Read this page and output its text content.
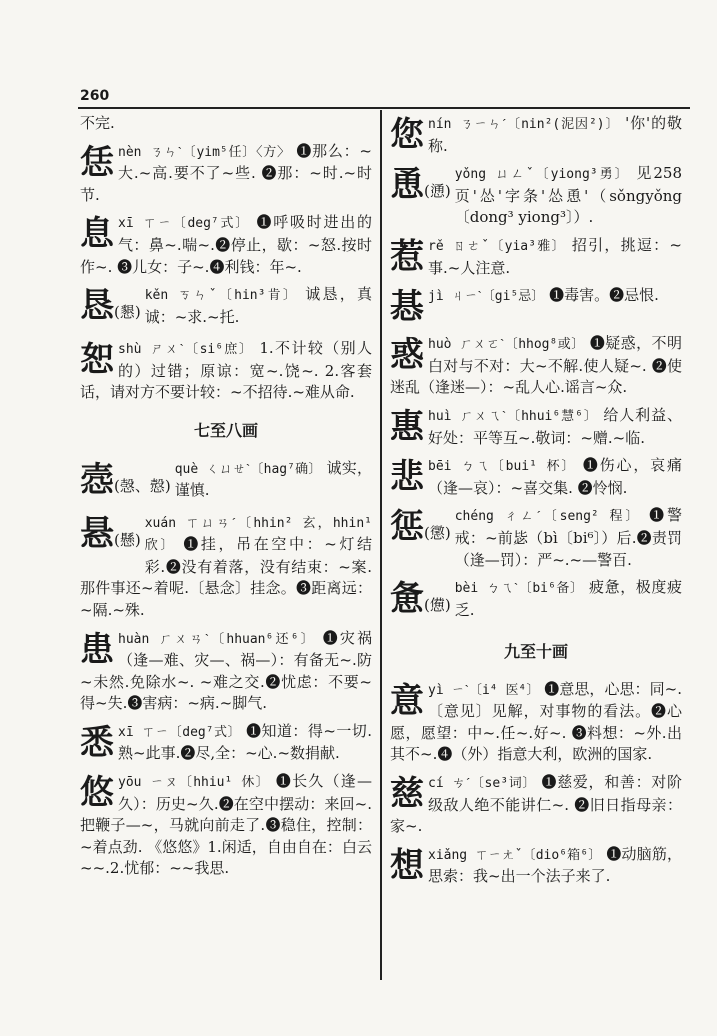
260

不完.

恁 nèn ㄋㄣˋ〔yim⁵任〕〈方〉 ❶那么：~大.~高.要不了~些. ❷那：~时.~时节.

息 xī ㄒㄧ〔deg⁷式〕 ❶呼吸时进出的气：鼻~.喘~.❷停止，歇：~怒.按时作~. ❸儿女：子~.❹利钱：年~.

恳(懇)

kěn ㄎㄣˇ〔hin³肯〕 诚恳，真诚：~求.~托.

恕 shù ㄕㄨˋ〔si⁶庶〕 1.不计较（别人的）过错；原谅：宽~.饶~. 2.客套话，请对方不要计较：~不招待.~难从命.

七至八画
悫(愨、慤)

què ㄑㄩㄝˋ〔hag⁷确〕 诚实，谨慎.

悬(懸)

xuán ㄒㄩㄢˊ〔hhin² 玄，hhin¹ 欣〕 ❶挂，吊在空中：~灯结彩.❷没有着落，没有结束：~案.那件事还~着呢.〔悬念〕挂念。❸距离远：~隔.~殊.

患 huàn ㄏㄨㄢˋ〔hhuan⁶还⁶〕 ❶灾祸（逢—难、灾—、祸—）：有备无~.防~未然.免除水~. ~难之交.❷忧虑：不要~得~失.❸害病：~病.~脚气.

悉 xī ㄒㄧ〔deg⁷式〕 ❶知道：得~一切.熟~此事.❷尽,全：~心.~数捐献.

悠 yōu ㄧㄡ〔hhiu¹ 休〕 ❶长久（逢—久）：历史~久.❷在空中摆动：来回~.把鞭子—~，马就向前走了.❸稳住，控制：~着点劲. 《悠悠》1.闲适，自由自在：白云~~.2.忧郁：~~我思.

您 nín ㄋㄧㄣˊ〔nin²(泥因²)〕 '你'的敬称.

恿(慂)

yǒng ㄩㄥˇ〔yiong³勇〕 见258页'怂'字条'怂恿'（sǒngyǒng〔dong³ yiong³〕）.

惹 rě ㄖㄜˇ〔yia³雅〕 招引，挑逗：~事.~人注意.

惎 jì ㄐㄧˋ〔gi⁵忌〕 ❶毒害。❷忌恨.

惑 huò ㄏㄨㄛˋ〔hhog⁸或〕 ❶疑惑，不明白对与不对：大~不解.使人疑~. ❷使迷乱（逢迷—）：~乱人心.谣言~众.

惠 huì ㄏㄨㄟˋ〔hhui⁶慧⁶〕 给人利益、好处：平等互~.敬词：~赠.~临.

悲 bēi ㄅㄟ〔bui¹ 杯〕 ❶伤心，哀痛（逢—哀）：~喜交集. ❷怜悯.

惩(懲)

chéng ㄔㄥˊ〔seng² 程〕 ❶警戒：~前毖（bì〔bi⁶〕）后.❷责罚（逢—罚）：严~.~—警百.

惫(憊)

bèi ㄅㄟˋ〔bi⁶备〕 疲惫，极度疲乏.

九至十画
意 yì ㄧˋ〔i⁴ 医⁴〕 ❶意思，心思：同~.〔意见〕见解，对事物的看法。❷心愿，愿望：中~.任~.好~. ❸料想：~外.出其不~.❹（外）指意大利，欧洲的国家.

慈 cí ㄘˊ〔se³词〕 ❶慈爱，和善：对阶级敌人绝不能讲仁~. ❷旧日指母亲：家~.

想 xiǎng ㄒㄧㄤˇ〔dio⁶箱⁶〕 ❶动脑筋，思索：我~出一个法子来了.
